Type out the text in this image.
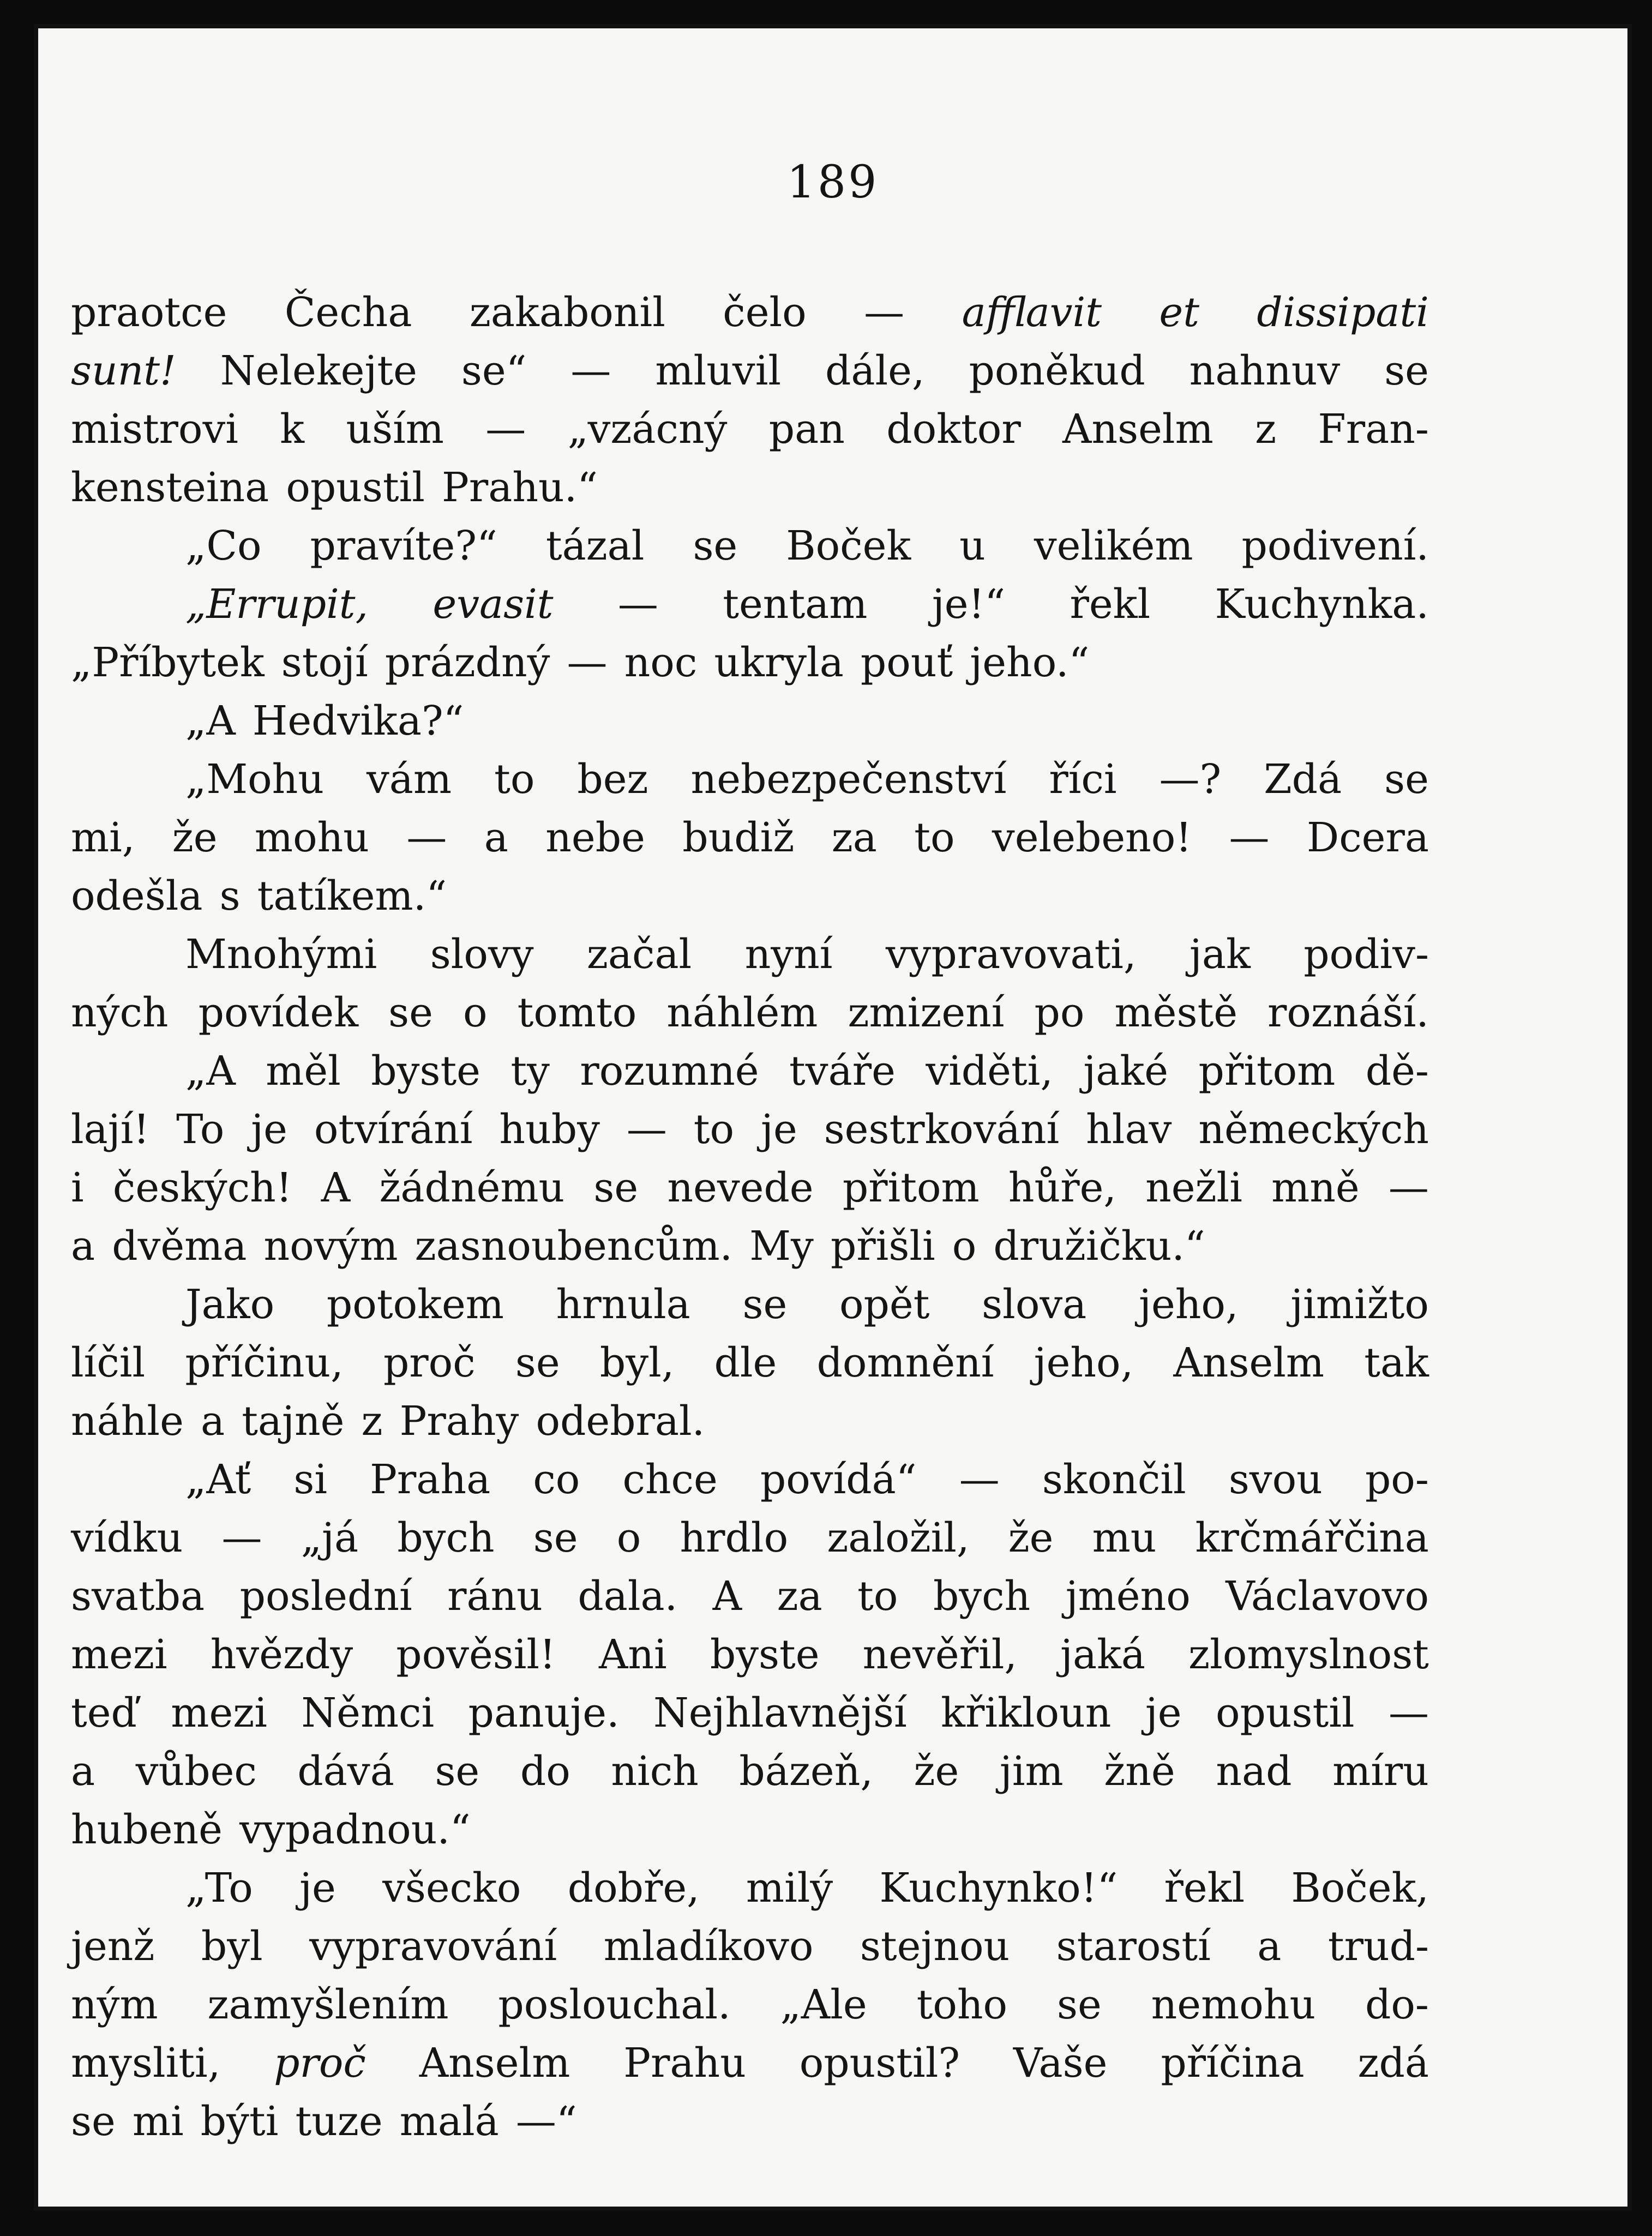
189
praotce Čecha zakabonil čelo — afflavit et dissipati
sunt! Nelekejte se“ — mluvil dále, poněkud nahnuv se
mistrovi k uším — „vzácný pan doktor Anselm z Fran-
kensteina opustil Prahu.“
„Co pravíte?“ tázal se Boček u velikém podivení.
„Errupit, evasit — tentam je!“ řekl Kuchynka.
„Příbytek stojí prázdný — noc ukryla pouť jeho.“
„A Hedvika?“
„Mohu vám to bez nebezpečenství říci —? Zdá se
mi, že mohu — a nebe budiž za to velebeno! — Dcera
odešla s tatíkem.“
Mnohými slovy začal nyní vypravovati, jak podiv-
ných povídek se o tomto náhlém zmizení po městě roznáší.
„A měl byste ty rozumné tváře viděti, jaké přitom dě-
lají! To je otvírání huby — to je sestrkování hlav německých
i českých! A žádnému se nevede přitom hůře, nežli mně —
a dvěma novým zasnoubencům. My přišli o družičku.“
Jako potokem hrnula se opět slova jeho, jimižto
líčil příčinu, proč se byl, dle domnění jeho, Anselm tak
náhle a tajně z Prahy odebral.
„Ať si Praha co chce povídá“ — skončil svou po-
vídku — „já bych se o hrdlo založil, že mu krčmářčina
svatba poslední ránu dala. A za to bych jméno Václavovo
mezi hvězdy pověsil! Ani byste nevěřil, jaká zlomyslnost
teď mezi Němci panuje. Nejhlavnější křikloun je opustil —
a vůbec dává se do nich bázeň, že jim žně nad míru
hubeně vypadnou.“
„To je všecko dobře, milý Kuchynko!“ řekl Boček,
jenž byl vypravování mladíkovo stejnou starostí a trud-
ným zamyšlením poslouchal. „Ale toho se nemohu do-
mysliti, proč Anselm Prahu opustil? Vaše příčina zdá
se mi býti tuze malá —“
